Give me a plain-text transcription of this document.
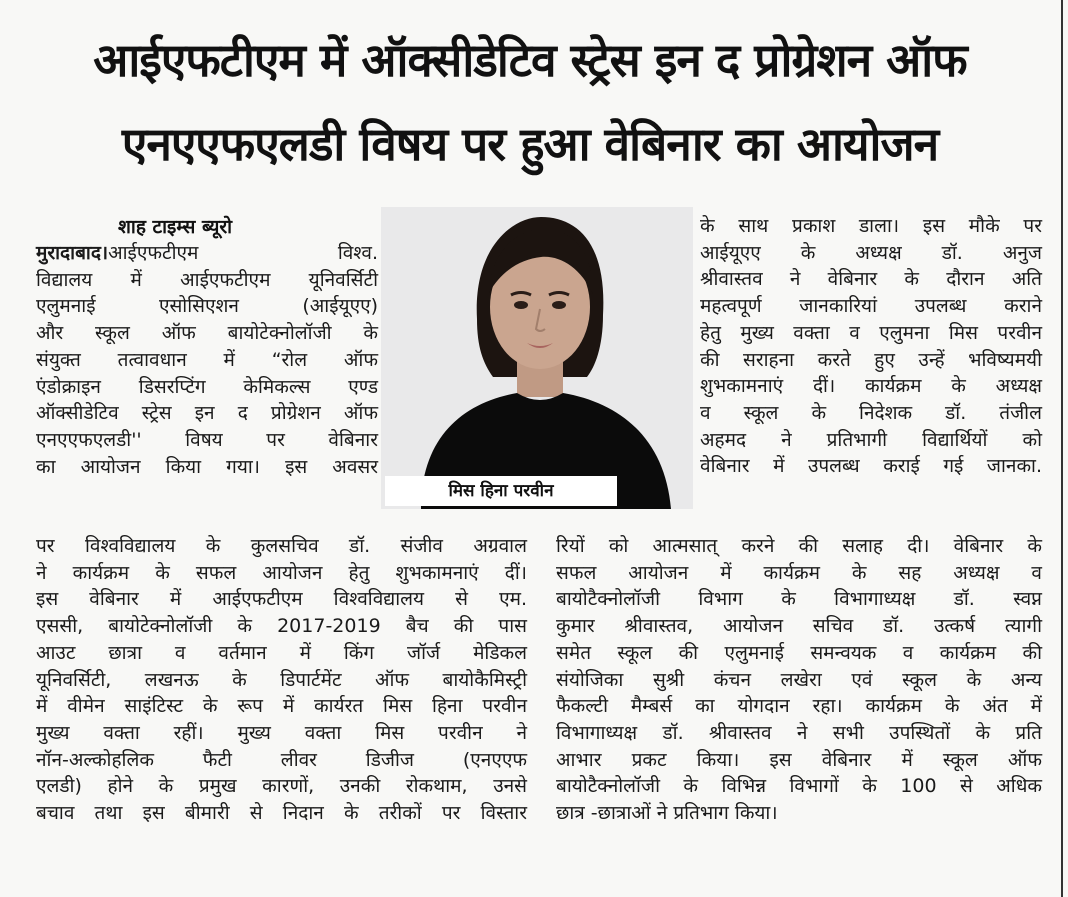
आईएफटीएम में ऑक्सीडेटिव स्ट्रेस इन द प्रोग्रेशन ऑफ
एनएएफएलडी विषय पर हुआ वेबिनार का आयोजन
शाह टाइम्स ब्यूरो

मुरादाबाद।आईएफटीएम विश्व.

विद्यालय में आईएफटीएम यूनिवर्सिटी

एलुमनाई एसोसिएशन (आईयूएए)

और स्कूल ऑफ बायोटेक्नोलॉजी के

संयुक्त तत्वावधान में “रोल ऑफ

एंडोक्राइन डिसरप्टिंग केमिकल्स एण्ड

ऑक्सीडेटिव स्ट्रेस इन द प्रोग्रेशन ऑफ

एनएएफएलडी'' विषय पर वेबिनार

का आयोजन किया गया। इस अवसर

मिस हिना परवीन

के साथ प्रकाश डाला। इस मौके पर

आईयूएए के अध्यक्ष डॉ. अनुज

श्रीवास्तव ने वेबिनार के दौरान अति

महत्वपूर्ण जानकारियां उपलब्ध कराने

हेतु मुख्य वक्ता व एलुमना मिस परवीन

की सराहना करते हुए उन्हें भविष्यमयी

शुभकामनाएं दीं। कार्यक्रम के अध्यक्ष

व स्कूल के निदेशक डॉ. तंजील

अहमद ने प्रतिभागी विद्यार्थियों को

वेबिनार में उपलब्ध कराई गई जानका.

पर विश्वविद्यालय के कुलसचिव डॉ. संजीव अग्रवाल

ने कार्यक्रम के सफल आयोजन हेतु शुभकामनाएं दीं।

इस वेबिनार में आईएफटीएम विश्वविद्यालय से एम.

एससी, बायोटेक्नोलॉजी के 2017-2019 बैच की पास

आउट छात्रा व वर्तमान में किंग जॉर्ज मेडिकल

यूनिवर्सिटी, लखनऊ के डिपार्टमेंट ऑफ बायोकैमिस्ट्री

में वीमेन साइंटिस्ट के रूप में कार्यरत मिस हिना परवीन

मुख्य वक्ता रहीं। मुख्य वक्ता मिस परवीन ने

नॉन-अल्कोहलिक फैटी लीवर डिजीज (एनएएफ

एलडी) होने के प्रमुख कारणों, उनकी रोकथाम, उनसे

बचाव तथा इस बीमारी से निदान के तरीकों पर विस्तार

रियों को आत्मसात् करने की सलाह दी। वेबिनार के

सफल आयोजन में कार्यक्रम के सह अध्यक्ष व

बायोटैक्नोलॉजी विभाग के विभागाध्यक्ष डॉ. स्वप्न

कुमार श्रीवास्तव, आयोजन सचिव डॉ. उत्कर्ष त्यागी

समेत स्कूल की एलुमनाई समन्वयक व कार्यक्रम की

संयोजिका सुश्री कंचन लखेरा एवं स्कूल के अन्य

फैकल्टी मैम्बर्स का योगदान रहा। कार्यक्रम के अंत में

विभागाध्यक्ष डॉ. श्रीवास्तव ने सभी उपस्थितों के प्रति

आभार प्रकट किया। इस वेबिनार में स्कूल ऑफ

बायोटैक्नोलॉजी के विभिन्न विभागों के 100 से अधिक

छात्र -छात्राओं ने प्रतिभाग किया।
